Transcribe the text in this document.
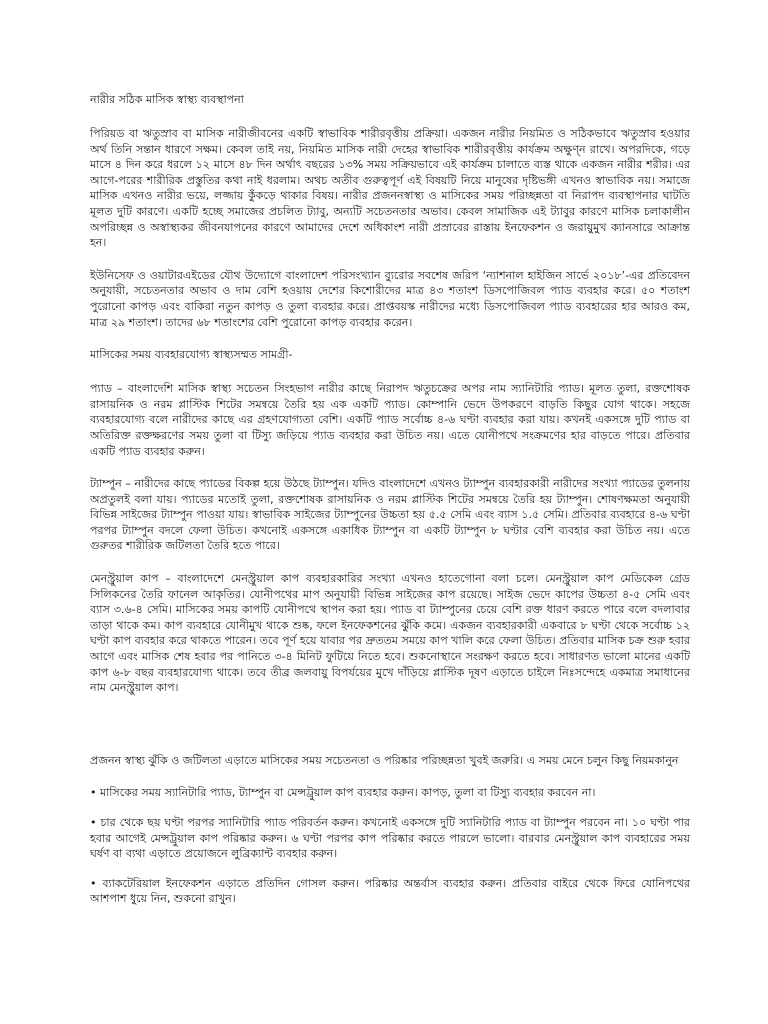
নারীর সঠিক মাসিক স্বাস্থ্য ব্যবস্থাপনা

পিরিয়ড বা ঋতুস্রাব বা মাসিক নারীজীবনের একটি স্বাভাবিক শারীরবৃত্তীয় প্রক্রিয়া। একজন নারীর নিয়মিত ও সঠিকভাবে ঋতুস্রাব হওয়ার অর্থ তিনি সন্তান ধারণে সক্ষম। কেবল তাই নয়, নিয়মিত মাসিক নারী দেহের স্বাভাবিক শারীরবৃত্তীয় কার্যক্রম অক্ষুণ্ন রাখে। অপরদিকে, গড়ে মাসে ৪ দিন করে ধরলে ১২ মাসে ৪৮ দিন অর্থাৎ বছরের ১৩% সময় সক্রিয়ভাবে এই কার্যক্রম চালাতে ব্যস্ত থাকে একজন নারীর শরীর। এর আগে-পরের শারীরিক প্রস্তুতির কথা নাই ধরলাম। অথচ অতীব গুরুত্বপূর্ণ এই বিষয়টি নিয়ে মানুষের দৃষ্টিভঙ্গী এখনও স্বাভাবিক নয়। সমাজে মাসিক এখনও নারীর ভয়ে, লজ্জায় কুঁকড়ে থাকার বিষয়। নারীর প্রজননস্বাস্থ্য ও মাসিকের সময় পরিচ্ছন্নতা বা নিরাপদ ব্যবস্থাপনার ঘাটতি মূলত দুটি কারণে। একটি হচ্ছে সমাজের প্রচলিত ট্যাবু, অন্যটি সচেতনতার অভাব। কেবল সামাজিক এই ট্যাবুর কারণে মাসিক চলাকালীন অপরিচ্ছন্ন ও অস্বাস্থ্যকর জীবনযাপনের কারণে আমাদের দেশে অধিকাংশ নারী প্রস্রাবের রাস্তায় ইনফেকশন ও জরায়ুমুখ ক্যানসারে আক্রান্ত হন।

ইউনিসেফ ও ওয়াটারএইডের যৌথ উদ্যোগে বাংলাদেশ পরিসংখ্যান ব্যুরোর সবশেষ জরিপ ‘ন্যাশনাল হাইজিন সার্ভে ২০১৮’-এর প্রতিবেদন অনুযায়ী, সচেতনতার অভাব ও দাম বেশি হওয়ায় দেশের কিশোরীদের মাত্র ৪৩ শতাংশ ডিসপোজিবল প্যাড ব্যবহার করে। ৫০ শতাংশ পুরোনো কাপড় এবং বাকিরা নতুন কাপড় ও তুলা ব্যবহার করে। প্রাপ্তবয়স্ক নারীদের মধ্যে ডিসপোজিবল প্যাড ব্যবহারের হার আরও কম, মাত্র ২৯ শতাংশ। তাদের ৬৮ শতাংশের বেশি পুরোনো কাপড় ব্যবহার করেন।

মাসিকের সময় ব্যবহারযোগ্য স্বাস্থ্যসম্মত সামগ্রী-

প্যাড – বাংলাদেশি মাসিক স্বাস্থ্য সচেতন সিংহভাগ নারীর কাছে নিরাপদ ঋতুচক্রের অপর নাম স্যানিটারি প্যাড। মূলত তুলা, রক্তশোষক রাসায়নিক ও নরম প্লাস্টিক শিটের সমন্বয়ে তৈরি হয় এক একটি প্যাড। কোম্পানি ভেদে উপকরণে বাড়তি কিছুর যোগ থাকে। সহজে ব্যবহারযোগ্য বলে নারীদের কাছে এর গ্রহণযোগ্যতা বেশি। একটি প্যাড সর্বোচ্চ ৪-৬ ঘণ্টা ব্যবহার করা যায়। কখনই একসঙ্গে দুটি প্যাড বা অতিরিক্ত রক্তক্ষরণের সময় তুলা বা টিস্যু জড়িয়ে প্যাড ব্যবহার করা উচিত নয়। এতে যোনীপথে সংক্রমণের হার বাড়তে পারে। প্রতিবার একটি প্যাড ব্যবহার করুন।

ট্যাম্পুন – নারীদের কাছে প্যাডের বিকল্প হয়ে উঠছে ট্যাম্পুন। যদিও বাংলাদেশে এখনও ট্যাম্পুন ব্যবহারকারী নারীদের সংখ্যা প্যাডের তুলনায় অপ্রতুলই বলা যায়। প্যাডের মতোই তুলা, রক্তশোষক রাসায়নিক ও নরম প্লাস্টিক শিটের সমন্বয়ে তৈরি হয় ট্যাম্পুন। শোষণক্ষমতা অনুযায়ী বিভিন্ন সাইজের ট্যাম্পুন পাওয়া যায়। স্বাভাবিক সাইজের ট্যাম্পুনের উচ্চতা হয় ৫.৫ সেমি এবং ব্যাস ১.৫ সেমি। প্রতিবার ব্যবহারে ৪-৬ ঘণ্টা পরপর ট্যাম্পুন বদলে ফেলা উচিত। কখনোই একসঙ্গে একাধিক ট্যাম্পুন বা একটি ট্যাম্পুন ৮ ঘণ্টার বেশি ব্যবহার করা উচিত নয়। এতে গুরুতর শারীরিক জটিলতা তৈরি হতে পারে।

মেনস্ট্রুয়াল কাপ – বাংলাদেশে মেনস্ট্রুয়াল কাপ ব্যবহারকারির সংখ্যা এখনও হাতেগোনা বলা চলে। মেনস্ট্রুয়াল কাপ মেডিকেল গ্রেড সিলিকনের তৈরি ফানেল আকৃতির। যোনীপথের মাপ অনুযায়ী বিভিন্ন সাইজের কাপ রয়েছে। সাইজ ভেদে কাপের উচ্চতা ৪-৫ সেমি এবং ব্যাস ৩.৬-৪ সেমি। মাসিকের সময় কাপটি যোনীপথে স্থাপন করা হয়। প্যাড বা ট্যাম্পুনের চেয়ে বেশি রক্ত ধারণ করতে পারে বলে বদলাবার তাড়া থাকে কম। কাপ ব্যবহারে যোনীমুখ থাকে শুষ্ক, ফলে ইনফেকশনের ঝুঁকি কমে। একজন ব্যবহারকারী একবারে ৮ ঘণ্টা থেকে সর্বোচ্চ ১২ ঘণ্টা কাপ ব্যবহার করে থাকতে পারেন। তবে পূর্ণ হয়ে যাবার পর দ্রুততম সময়ে কাপ খালি করে ফেলা উচিত। প্রতিবার মাসিক চক্র শুরু হবার আগে এবং মাসিক শেষ হবার পর পানিতে ৩-৪ মিনিট ফুটিয়ে নিতে হবে। শুকনোস্থানে সংরক্ষণ করতে হবে। সাধারণত ভালো মানের একটি কাপ ৬-৮ বছর ব্যবহারযোগ্য থাকে। তবে তীব্র জলবায়ু বিপর্যয়ের মুখে দাঁড়িয়ে প্লাস্টিক দূষণ এড়াতে চাইলে নিঃসন্দেহে একমাত্র সমাধানের নাম মেনস্ট্রুয়াল কাপ।

প্রজনন স্বাস্থ্য ঝুঁকি ও জটিলতা এড়াতে মাসিকের সময় সচেতনতা ও পরিষ্কার পরিচ্ছন্নতা খুবই জরুরি। এ সময় মেনে চলুন কিছু নিয়মকানুন

• মাসিকের সময় স্যানিটারি প্যাড, ট্যাম্পুন বা মেন্সট্রুয়াল কাপ ব্যবহার করুন। কাপড়, তুলা বা টিস্যু ব্যবহার করবেন না।

• চার থেকে ছয় ঘণ্টা পরপর স্যানিটারি প্যাড পরিবর্তন করুন। কখনোই একসঙ্গে দুটি স্যানিটারি প্যাড বা ট্যাম্পুন পরবেন না। ১০ ঘণ্টা পার হবার আগেই মেন্সট্রুয়াল কাপ পরিষ্কার করুন। ৬ ঘণ্টা পরপর কাপ পরিষ্কার করতে পারলে ভালো। বারবার মেনস্ট্রুয়াল কাপ ব্যবহারের সময় ঘর্ষণ বা ব্যথা এড়াতে প্রয়োজনে লুব্রিক্যান্ট ব্যবহার করুন।

• ব্যাকটেরিয়াল ইনফেকশন এড়াতে প্রতিদিন গোসল করুন। পরিষ্কার অন্তর্বাস ব্যবহার করুন। প্রতিবার বাইরে থেকে ফিরে যোনিপথের আশপাশ ধুয়ে নিন, শুকনো রাখুন।
